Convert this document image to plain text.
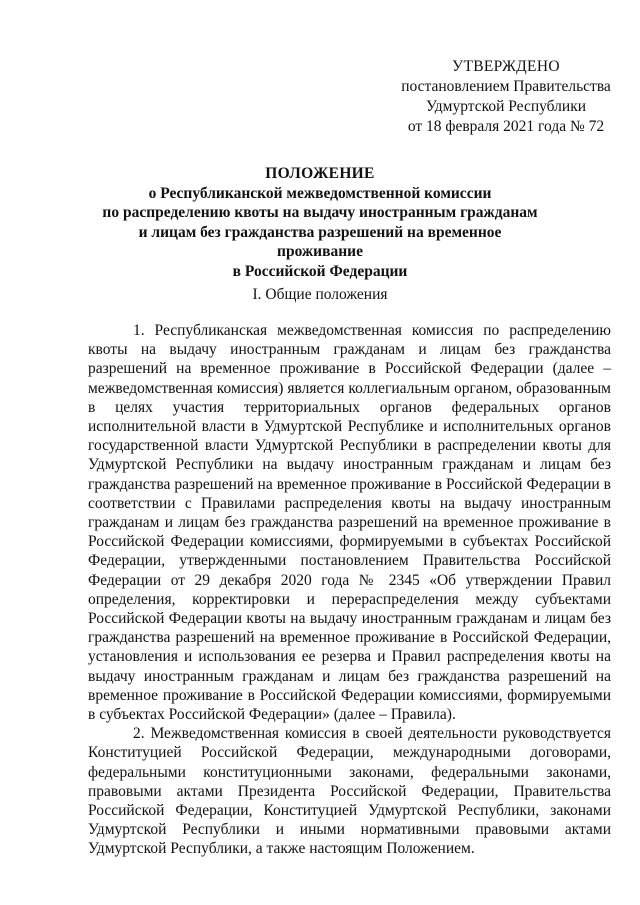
УТВЕРЖДЕНО
постановлением Правительства
Удмуртской Республики
от 18 февраля 2021 года № 72
ПОЛОЖЕНИЕ
о Республиканской межведомственной комиссии
по распределению квоты на выдачу иностранным гражданам
и лицам без гражданства разрешений на временное проживание
в Российской Федерации
I. Общие положения

1. Республиканская межведомственная комиссия по распределению квоты на выдачу иностранным гражданам и лицам без гражданства разрешений на временное проживание в Российской Федерации (далее – межведомственная комиссия) является коллегиальным органом, образованным в целях участия территориальных органов федеральных органов исполнительной власти в Удмуртской Республике и исполнительных органов государственной власти Удмуртской Республики в распределении квоты для Удмуртской Республики на выдачу иностранным гражданам и лицам без гражданства разрешений на временное проживание в Российской Федерации в соответствии с Правилами распределения квоты на выдачу иностранным гражданам и лицам без гражданства разрешений на временное проживание в Российской Федерации комиссиями, формируемыми в субъектах Российской Федерации, утвержденными постановлением Правительства Российской Федерации от 29 декабря 2020 года № 2345 «Об утверждении Правил определения, корректировки и перераспределения между субъектами Российской Федерации квоты на выдачу иностранным гражданам и лицам без гражданства разрешений на временное проживание в Российской Федерации, установления и использования ее резерва и Правил распределения квоты на выдачу иностранным гражданам и лицам без гражданства разрешений на временное проживание в Российской Федерации комиссиями, формируемыми в субъектах Российской Федерации» (далее – Правила).

2. Межведомственная комиссия в своей деятельности руководствуется Конституцией Российской Федерации, международными договорами, федеральными конституционными законами, федеральными законами, правовыми актами Президента Российской Федерации, Правительства Российской Федерации, Конституцией Удмуртской Республики, законами Удмуртской Республики и иными нормативными правовыми актами Удмуртской Республики, а также настоящим Положением.
